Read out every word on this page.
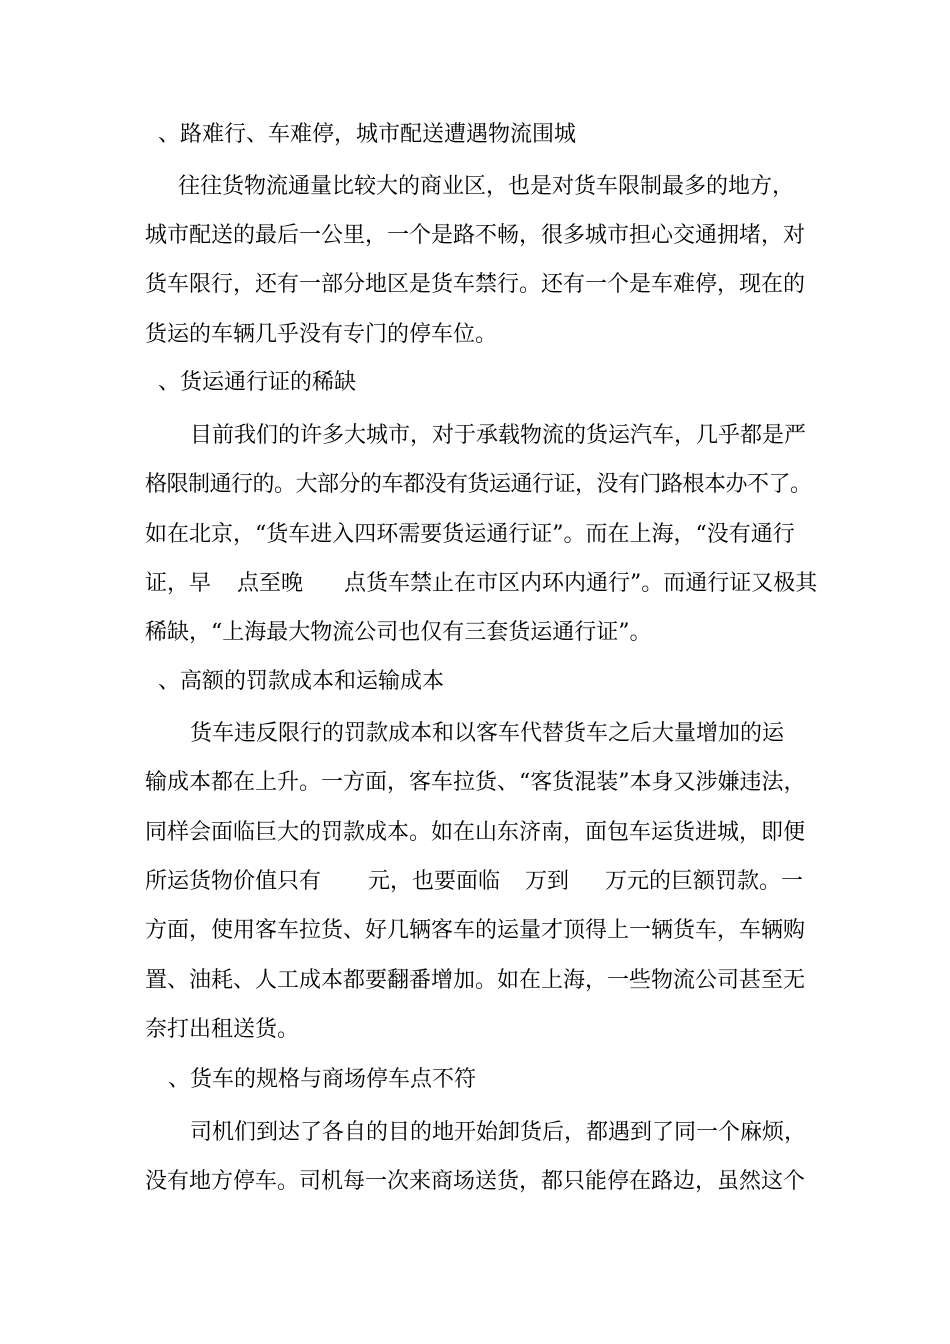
、路难行、车难停，城市配送遭遇物流围城

往往货物流通量比较大的商业区，也是对货车限制最多的地方，

城市配送的最后一公里，一个是路不畅，很多城市担心交通拥堵，对

货车限行，还有一部分地区是货车禁行。还有一个是车难停，现在的

货运的车辆几乎没有专门的停车位。

、货运通行证的稀缺

目前我们的许多大城市，对于承载物流的货运汽车，几乎都是严

格限制通行的。大部分的车都没有货运通行证，没有门路根本办不了。

如在北京，“货车进入四环需要货运通行证”。而在上海，“没有通行

证，早

点至晚

点货车禁止在市区内环内通行”。而通行证又极其

稀缺，“上海最大物流公司也仅有三套货运通行证”。

、高额的罚款成本和运输成本

货车违反限行的罚款成本和以客车代替货车之后大量增加的运

输成本都在上升。一方面，客车拉货、“客货混装”本身又涉嫌违法，

同样会面临巨大的罚款成本。如在山东济南，面包车运货进城，即便

所运货物价值只有

元，也要面临

万到

万元的巨额罚款。一

方面，使用客车拉货、好几辆客车的运量才顶得上一辆货车，车辆购

置、油耗、人工成本都要翻番增加。如在上海，一些物流公司甚至无

奈打出租送货。

、货车的规格与商场停车点不符

司机们到达了各自的目的地开始卸货后，都遇到了同一个麻烦，

没有地方停车。司机每一次来商场送货，都只能停在路边，虽然这个
